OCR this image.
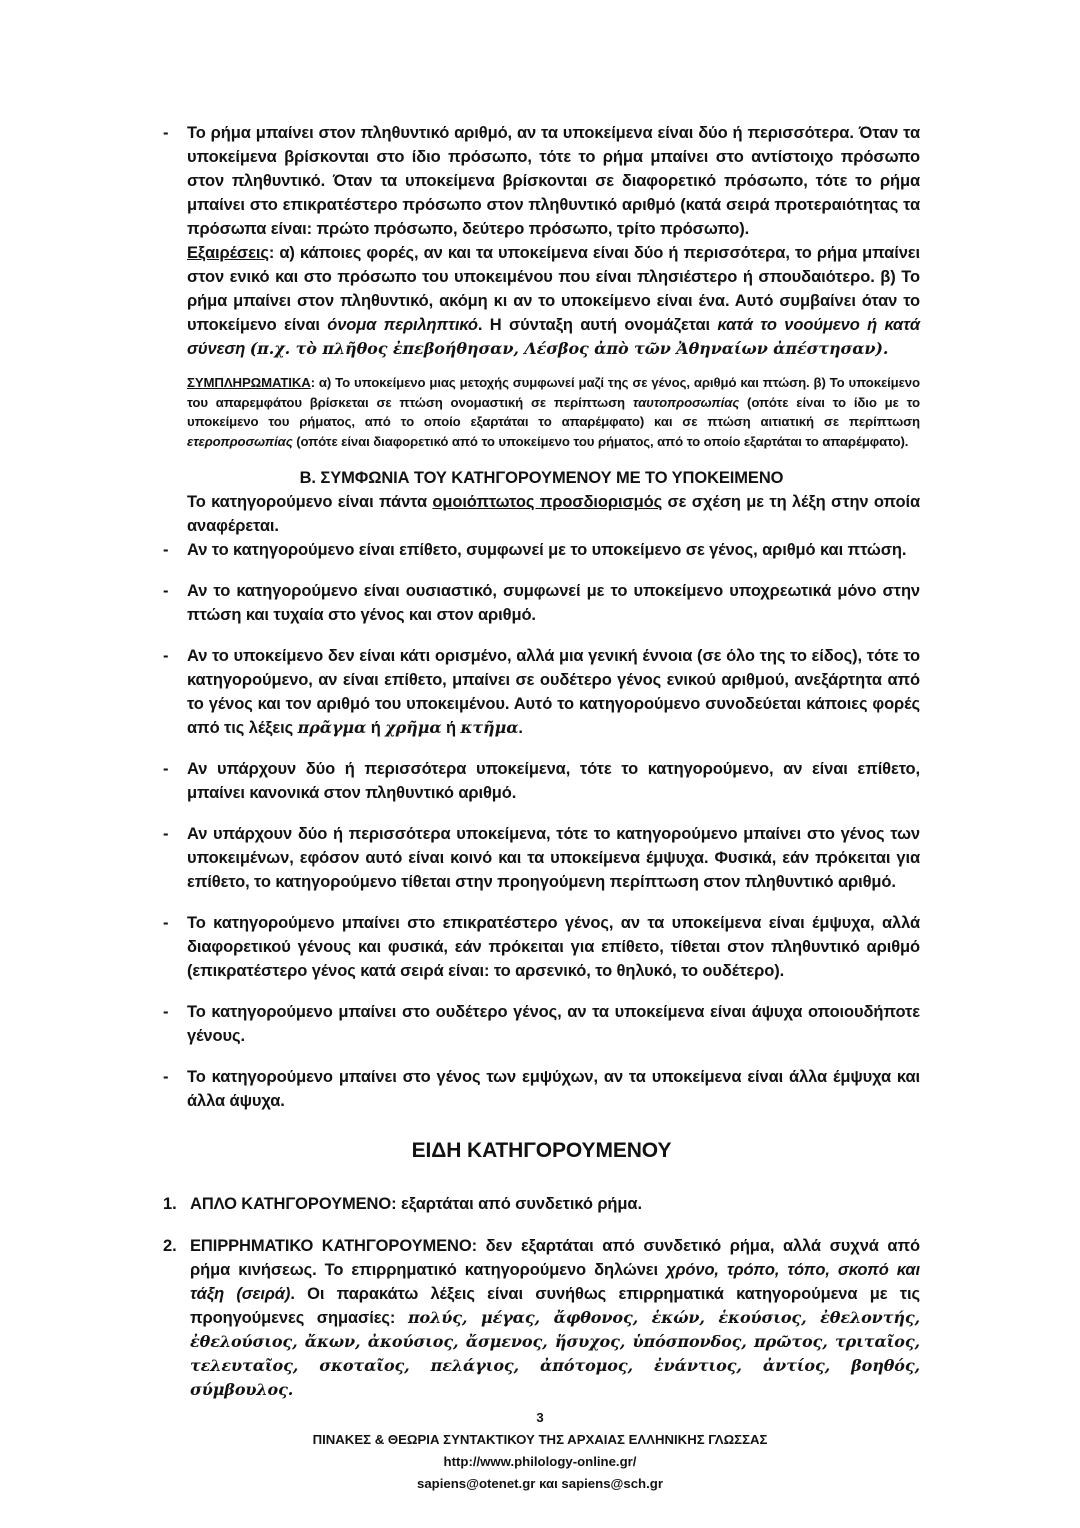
-	Το ρήμα μπαίνει στον πληθυντικό αριθμό, αν τα υποκείμενα είναι δύο ή περισσότερα. Όταν τα υποκείμενα βρίσκονται στο ίδιο πρόσωπο, τότε το ρήμα μπαίνει στο αντίστοιχο πρόσωπο στον πληθυντικό. Όταν τα υποκείμενα βρίσκονται σε διαφορετικό πρόσωπο, τότε το ρήμα μπαίνει στο επικρατέστερο πρόσωπο στον πληθυντικό αριθμό (κατά σειρά προτεραιότητας τα πρόσωπα είναι: πρώτο πρόσωπο, δεύτερο πρόσωπο, τρίτο πρόσωπο).
Εξαιρέσεις: α) κάποιες φορές, αν και τα υποκείμενα είναι δύο ή περισσότερα, το ρήμα μπαίνει στον ενικό και στο πρόσωπο του υποκειμένου που είναι πλησιέστερο ή σπουδαιότερο. β) Το ρήμα μπαίνει στον πληθυντικό, ακόμη κι αν το υποκείμενο είναι ένα. Αυτό συμβαίνει όταν το υποκείμενο είναι όνομα περιληπτικό. Η σύνταξη αυτή ονομάζεται κατά το νοούμενο ή κατά σύνεση (π.χ. τὸ πλῆθος ἐπεβοήθησαν, Λέσβος ἀπὸ τῶν Ἀθηναίων ἀπέστησαν).
ΣΥΜΠΛΗΡΩΜΑΤΙΚΑ: α) Το υποκείμενο μιας μετοχής συμφωνεί μαζί της σε γένος, αριθμό και πτώση. β) Το υποκείμενο του απαρεμφάτου βρίσκεται σε πτώση ονομαστική σε περίπτωση ταυτοπροσωπίας (οπότε είναι το ίδιο με το υποκείμενο του ρήματος, από το οποίο εξαρτάται το απαρέμφατο) και σε πτώση αιτιατική σε περίπτωση ετεροπροσωπίας (οπότε είναι διαφορετικό από το υποκείμενο του ρήματος, από το οποίο εξαρτάται το απαρέμφατο).
Β. ΣΥΜΦΩΝΙΑ ΤΟΥ ΚΑΤΗΓΟΡΟΥΜΕΝΟΥ ΜΕ ΤΟ ΥΠΟΚΕΙΜΕΝΟ
Το κατηγορούμενο είναι πάντα ομοιόπτωτος προσδιορισμός σε σχέση με τη λέξη στην οποία αναφέρεται.
-	Αν το κατηγορούμενο είναι επίθετο, συμφωνεί με το υποκείμενο σε γένος, αριθμό και πτώση.
-	Αν το κατηγορούμενο είναι ουσιαστικό, συμφωνεί με το υποκείμενο υποχρεωτικά μόνο στην πτώση και τυχαία στο γένος και στον αριθμό.
-	Αν το υποκείμενο δεν είναι κάτι ορισμένο, αλλά μια γενική έννοια (σε όλο της το είδος), τότε το κατηγορούμενο, αν είναι επίθετο, μπαίνει σε ουδέτερο γένος ενικού αριθμού, ανεξάρτητα από το γένος και τον αριθμό του υποκειμένου. Αυτό το κατηγορούμενο συνοδεύεται κάποιες φορές από τις λέξεις πρᾶγμα ή χρῆμα ή κτῆμα.
-	Αν υπάρχουν δύο ή περισσότερα υποκείμενα, τότε το κατηγορούμενο, αν είναι επίθετο, μπαίνει κανονικά στον πληθυντικό αριθμό.
-	Αν υπάρχουν δύο ή περισσότερα υποκείμενα, τότε το κατηγορούμενο μπαίνει στο γένος των υποκειμένων, εφόσον αυτό είναι κοινό και τα υποκείμενα έμψυχα. Φυσικά, εάν πρόκειται για επίθετο, το κατηγορούμενο τίθεται στην προηγούμενη περίπτωση στον πληθυντικό αριθμό.
-	Το κατηγορούμενο μπαίνει στο επικρατέστερο γένος, αν τα υποκείμενα είναι έμψυχα, αλλά διαφορετικού γένους και φυσικά, εάν πρόκειται για επίθετο, τίθεται στον πληθυντικό αριθμό (επικρατέστερο γένος κατά σειρά είναι: το αρσενικό, το θηλυκό, το ουδέτερο).
-	Το κατηγορούμενο μπαίνει στο ουδέτερο γένος, αν τα υποκείμενα είναι άψυχα οποιουδήποτε γένους.
-	Το κατηγορούμενο μπαίνει στο γένος των εμψύχων, αν τα υποκείμενα είναι άλλα έμψυχα και άλλα άψυχα.
ΕΙΔΗ ΚΑΤΗΓΟΡΟΥΜΕΝΟΥ
1. ΑΠΛΟ ΚΑΤΗΓΟΡΟΥΜΕΝΟ: εξαρτάται από συνδετικό ρήμα.
2. ΕΠΙΡΡΗΜΑΤΙΚΟ ΚΑΤΗΓΟΡΟΥΜΕΝΟ: δεν εξαρτάται από συνδετικό ρήμα, αλλά συχνά από ρήμα κινήσεως. Το επιρρηματικό κατηγορούμενο δηλώνει χρόνο, τρόπο, τόπο, σκοπό και τάξη (σειρά). Οι παρακάτω λέξεις είναι συνήθως επιρρηματικά κατηγορούμενα με τις προηγούμενες σημασίες: πολύς, μέγας, ἄφθονος, ἑκών, ἑκούσιος, ἐθελοντής, ἐθελούσιος, ἄκων, ἀκούσιος, ἄσμενος, ἥσυχος, ὑπόσπονδος, πρῶτος, τριταῖος, τελευταῖος, σκοταῖος, πελάγιος, ἀπότομος, ἐνάντιος, ἀντίος, βοηθός, σύμβουλος.
3
ΠΙΝΑΚΕΣ & ΘΕΩΡΙΑ ΣΥΝΤΑΚΤΙΚΟΥ ΤΗΣ ΑΡΧΑΙΑΣ ΕΛΛΗΝΙΚΗΣ ΓΛΩΣΣΑΣ
http://www.philology-online.gr/
sapiens@otenet.gr και sapiens@sch.gr
